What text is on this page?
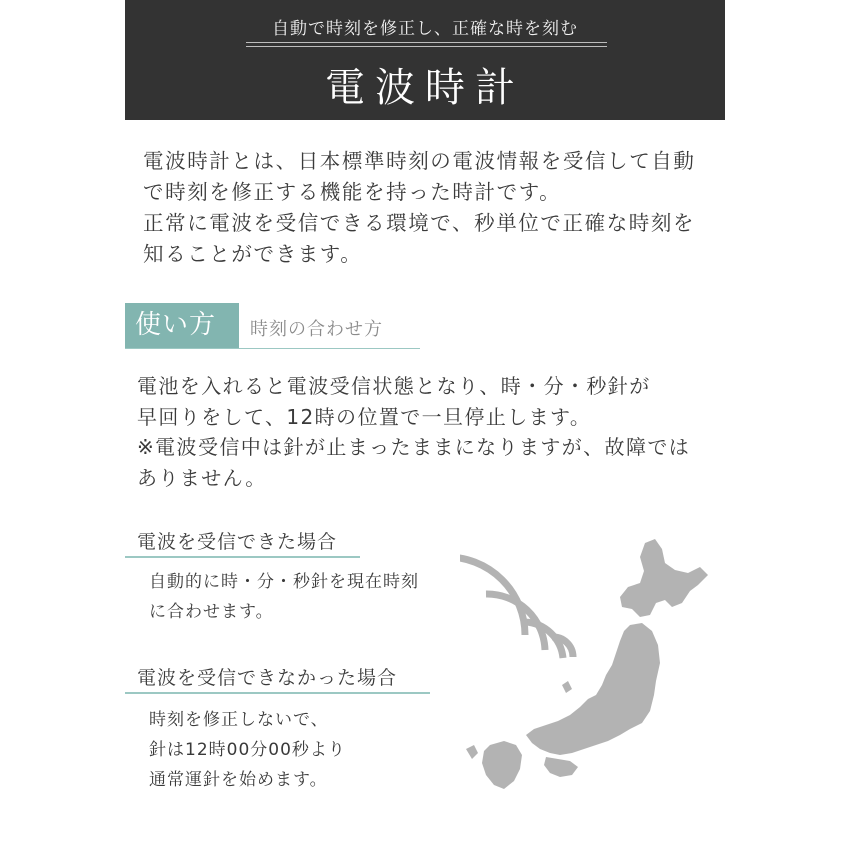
自動で時刻を修正し、正確な時を刻む
電波時計

電波時計とは、日本標準時刻の電波情報を受信して自動

で時刻を修正する機能を持った時計です。

正常に電波を受信できる環境で、秒単位で正確な時刻を

知ることができます。

使い方	時刻の合わせ方

電池を入れると電波受信状態となり、時・分・秒針が

早回りをして、12時の位置で一旦停止します。

※電波受信中は針が止まったままになりますが、故障では

ありません。

電波を受信できた場合

自動的に時・分・秒針を現在時刻

に合わせます。

電波を受信できなかった場合

時刻を修正しないで、

針は12時00分00秒より

通常運針を始めます。
